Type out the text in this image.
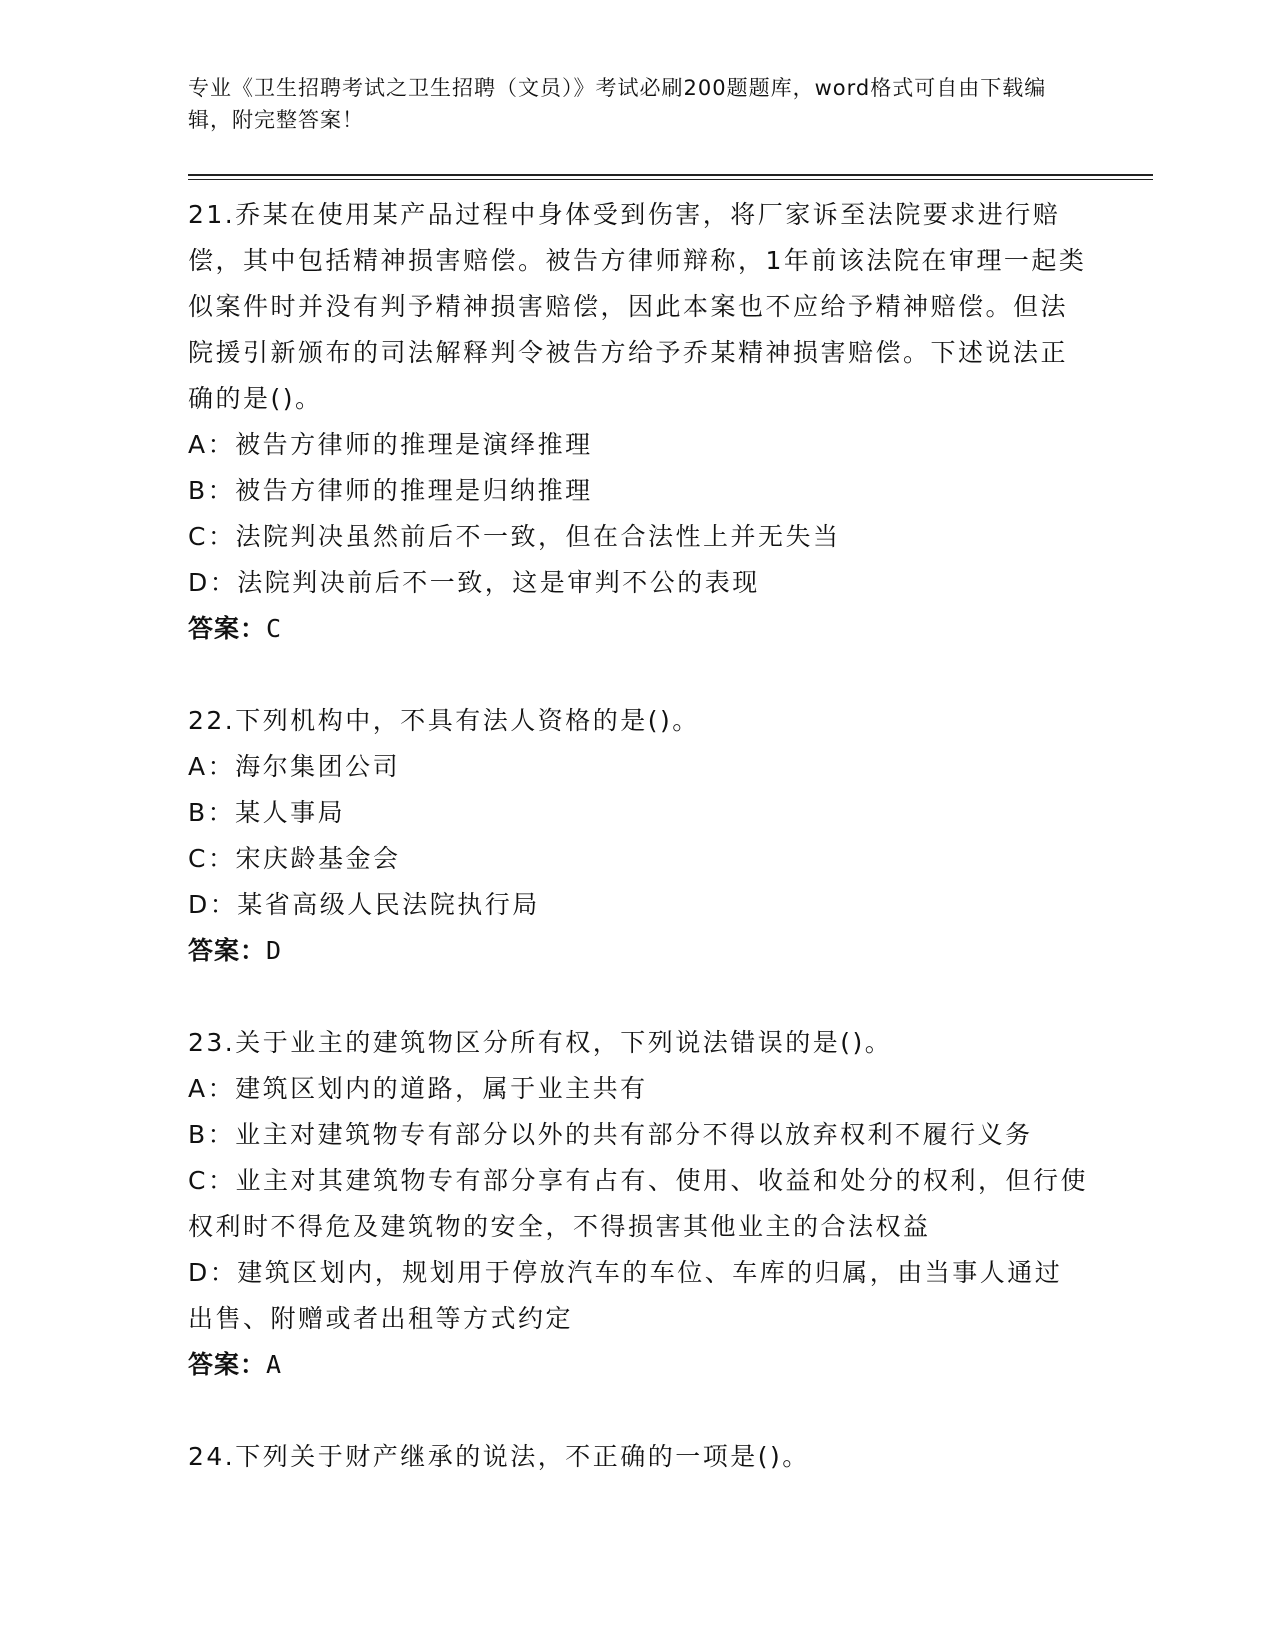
专业《卫生招聘考试之卫生招聘（文员）》考试必刷200题题库，word格式可自由下载编辑，附完整答案！

21.乔某在使用某产品过程中身体受到伤害，将厂家诉至法院要求进行赔偿，其中包括精神损害赔偿。被告方律师辩称，1年前该法院在审理一起类似案件时并没有判予精神损害赔偿，因此本案也不应给予精神赔偿。但法院援引新颁布的司法解释判令被告方给予乔某精神损害赔偿。下述说法正确的是()。

A：被告方律师的推理是演绎推理

B：被告方律师的推理是归纳推理

C：法院判决虽然前后不一致，但在合法性上并无失当

D：法院判决前后不一致，这是审判不公的表现

答案：C

22.下列机构中，不具有法人资格的是()。

A：海尔集团公司

B：某人事局

C：宋庆龄基金会

D：某省高级人民法院执行局

答案：D

23.关于业主的建筑物区分所有权，下列说法错误的是()。

A：建筑区划内的道路，属于业主共有

B：业主对建筑物专有部分以外的共有部分不得以放弃权利不履行义务

C：业主对其建筑物专有部分享有占有、使用、收益和处分的权利，但行使权利时不得危及建筑物的安全，不得损害其他业主的合法权益

D：建筑区划内，规划用于停放汽车的车位、车库的归属，由当事人通过出售、附赠或者出租等方式约定

答案：A

24.下列关于财产继承的说法，不正确的一项是()。
